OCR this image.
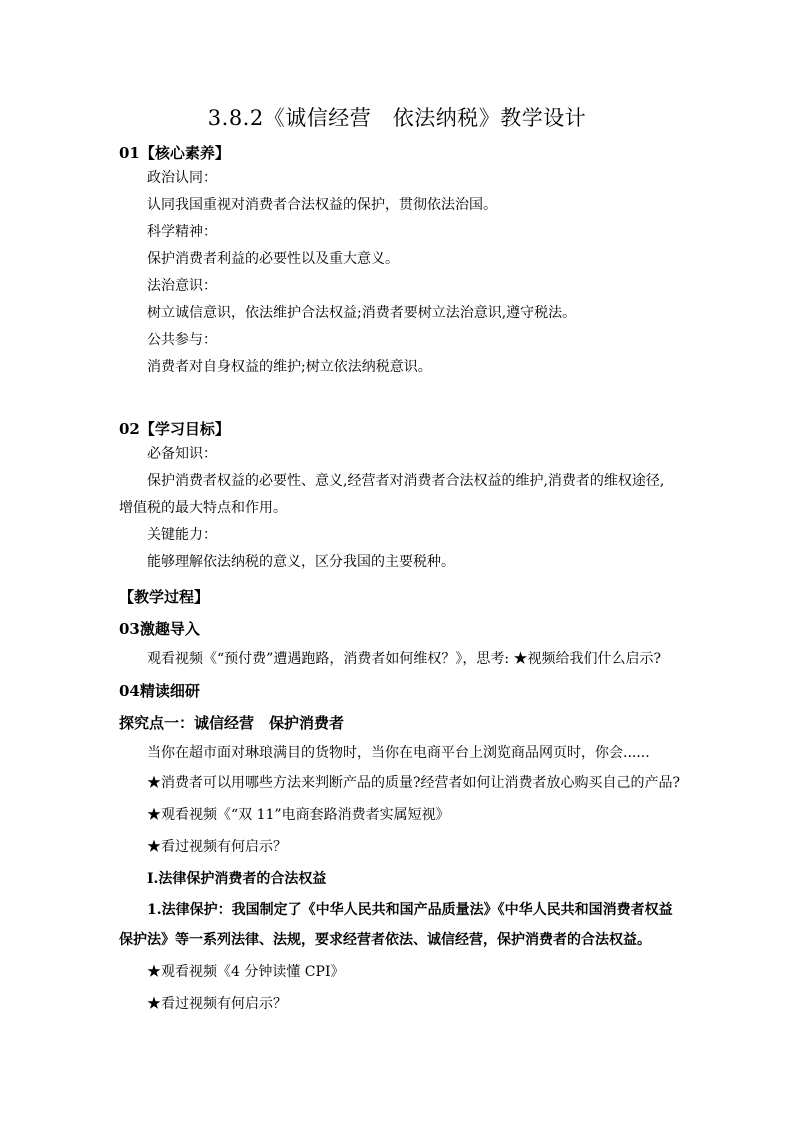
3.8.2《诚信经营　依法纳税》教学设计
01【核心素养】
政治认同：
认同我国重视对消费者合法权益的保护，贯彻依法治国。
科学精神：
保护消费者利益的必要性以及重大意义。
法治意识：
树立诚信意识，依法维护合法权益;消费者要树立法治意识,遵守税法。
公共参与：
消费者对自身权益的维护;树立依法纳税意识。
02【学习目标】
必备知识：
保护消费者权益的必要性、意义,经营者对消费者合法权益的维护,消费者的维权途径,
增值税的最大特点和作用。
关键能力：
能够理解依法纳税的意义，区分我国的主要税种。
【教学过程】
03激趣导入
观看视频《“预付费”遭遇跑路，消费者如何维权？》，思考: ★视频给我们什么启示?
04精读细研
探究点一：诚信经营　保护消费者
当你在超市面对琳琅满目的货物时，当你在电商平台上浏览商品网页时，你会......
★消费者可以用哪些方法来判断产品的质量?经营者如何让消费者放心购买自己的产品?
★观看视频《“双 11”电商套路消费者实属短视》
★看过视频有何启示？
Ⅰ.法律保护消费者的合法权益
1.法律保护：我国制定了《中华人民共和国产品质量法》《中华人民共和国消费者权益
保护法》等一系列法律、法规，要求经营者依法、诚信经营，保护消费者的合法权益。
★观看视频《4 分钟读懂 CPI》
★看过视频有何启示？
